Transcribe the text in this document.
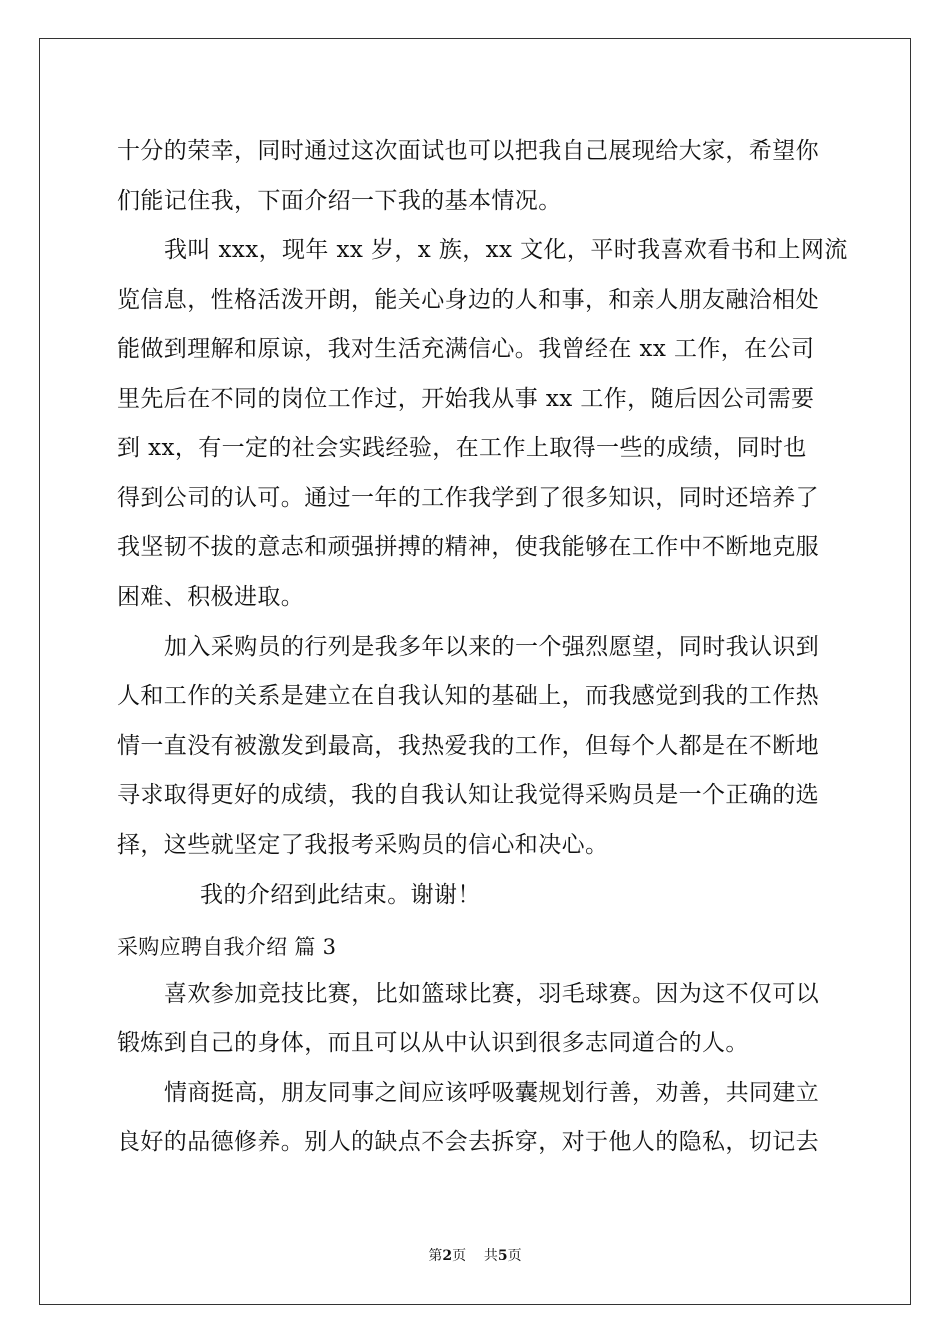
十分的荣幸，同时通过这次面试也可以把我自己展现给大家，希望你
们能记住我，下面介绍一下我的基本情况。
我叫 xxx，现年 xx 岁，x 族，xx 文化，平时我喜欢看书和上网流
览信息，性格活泼开朗，能关心身边的人和事，和亲人朋友融洽相处
能做到理解和原谅，我对生活充满信心。我曾经在 xx 工作，在公司
里先后在不同的岗位工作过，开始我从事 xx 工作，随后因公司需要
到 xx，有一定的社会实践经验，在工作上取得一些的成绩，同时也
得到公司的认可。通过一年的工作我学到了很多知识，同时还培养了
我坚韧不拔的意志和顽强拼搏的精神，使我能够在工作中不断地克服
困难、积极进取。
加入采购员的行列是我多年以来的一个强烈愿望，同时我认识到
人和工作的关系是建立在自我认知的基础上，而我感觉到我的工作热
情一直没有被激发到最高，我热爱我的工作，但每个人都是在不断地
寻求取得更好的成绩，我的自我认知让我觉得采购员是一个正确的选
择，这些就坚定了我报考采购员的信心和决心。
我的介绍到此结束。谢谢！
采购应聘自我介绍 篇 3
喜欢参加竞技比赛，比如篮球比赛，羽毛球赛。因为这不仅可以
锻炼到自己的身体，而且可以从中认识到很多志同道合的人。
情商挺高，朋友同事之间应该呼吸囊规划行善，劝善，共同建立
良好的品德修养。别人的缺点不会去拆穿，对于他人的隐私，切记去
第2页    共5页
